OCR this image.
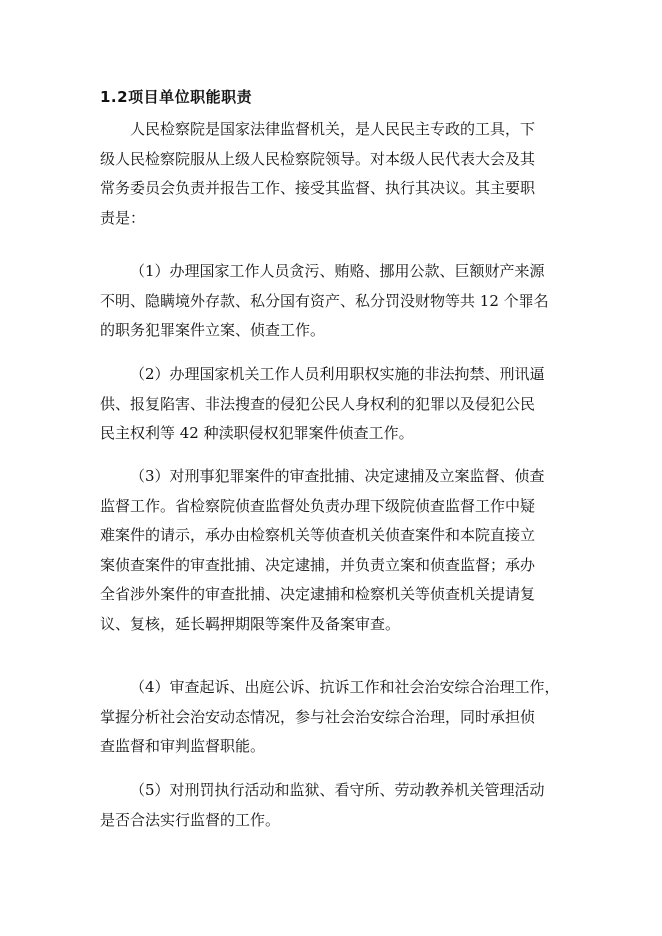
1.2项目单位职能职责
人民检察院是国家法律监督机关，是人民民主专政的工具，下
级人民检察院服从上级人民检察院领导。对本级人民代表大会及其
常务委员会负责并报告工作、接受其监督、执行其决议。其主要职
责是：
（1）办理国家工作人员贪污、贿赂、挪用公款、巨额财产来源
不明、隐瞒境外存款、私分国有资产、私分罚没财物等共 12 个罪名
的职务犯罪案件立案、侦查工作。
（2）办理国家机关工作人员利用职权实施的非法拘禁、刑讯逼
供、报复陷害、非法搜查的侵犯公民人身权利的犯罪以及侵犯公民
民主权利等 42 种渎职侵权犯罪案件侦查工作。
（3）对刑事犯罪案件的审查批捕、决定逮捕及立案监督、侦查
监督工作。省检察院侦查监督处负责办理下级院侦查监督工作中疑
难案件的请示，承办由检察机关等侦查机关侦查案件和本院直接立
案侦查案件的审查批捕、决定逮捕，并负责立案和侦查监督；承办
全省涉外案件的审查批捕、决定逮捕和检察机关等侦查机关提请复
议、复核，延长羁押期限等案件及备案审查。
（4）审查起诉、出庭公诉、抗诉工作和社会治安综合治理工作，
掌握分析社会治安动态情况，参与社会治安综合治理，同时承担侦
查监督和审判监督职能。
（5）对刑罚执行活动和监狱、看守所、劳动教养机关管理活动
是否合法实行监督的工作。
